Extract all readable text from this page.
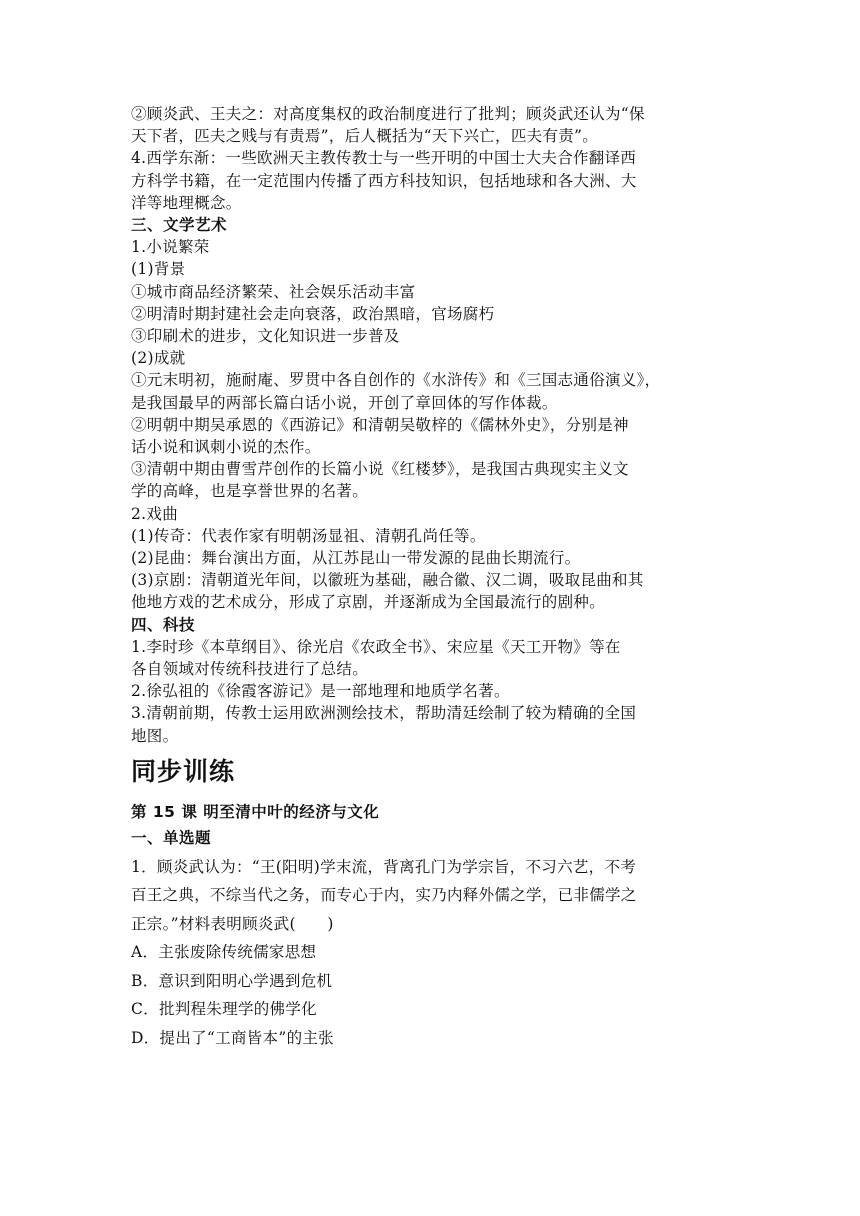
②顾炎武、王夫之：对高度集权的政治制度进行了批判；顾炎武还认为“保
天下者，匹夫之贱与有责焉”，后人概括为“天下兴亡，匹夫有责”。
4.西学东渐：一些欧洲天主教传教士与一些开明的中国士大夫合作翻译西
方科学书籍，在一定范围内传播了西方科技知识，包括地球和各大洲、大
洋等地理概念。
三、文学艺术
1.小说繁荣
(1)背景
①城市商品经济繁荣、社会娱乐活动丰富
②明清时期封建社会走向衰落，政治黑暗，官场腐朽
③印刷术的进步，文化知识进一步普及
(2)成就
①元末明初，施耐庵、罗贯中各自创作的《水浒传》和《三国志通俗演义》，
是我国最早的两部长篇白话小说，开创了章回体的写作体裁。
②明朝中期吴承恩的《西游记》和清朝吴敬梓的《儒林外史》，分别是神
话小说和讽刺小说的杰作。
③清朝中期由曹雪芹创作的长篇小说《红楼梦》，是我国古典现实主义文
学的高峰，也是享誉世界的名著。
2.戏曲
(1)传奇：代表作家有明朝汤显祖、清朝孔尚任等。
(2)昆曲：舞台演出方面，从江苏昆山一带发源的昆曲长期流行。
(3)京剧：清朝道光年间，以徽班为基础，融合徽、汉二调，吸取昆曲和其
他地方戏的艺术成分，形成了京剧，并逐渐成为全国最流行的剧种。
四、科技
1.李时珍《本草纲目》、徐光启《农政全书》、宋应星《天工开物》等在
各自领域对传统科技进行了总结。
2.徐弘祖的《徐霞客游记》是一部地理和地质学名著。
3.清朝前期，传教士运用欧洲测绘技术，帮助清廷绘制了较为精确的全国
地图。
同步训练
第 15 课 明至清中叶的经济与文化
一、单选题
1．顾炎武认为：“王(阳明)学末流，背离孔门为学宗旨，不习六艺，不考
百王之典，不综当代之务，而专心于内，实乃内释外儒之学，已非儒学之
正宗。”材料表明顾炎武(　　)
A．主张废除传统儒家思想
B．意识到阳明心学遇到危机
C．批判程朱理学的佛学化
D．提出了“工商皆本”的主张
